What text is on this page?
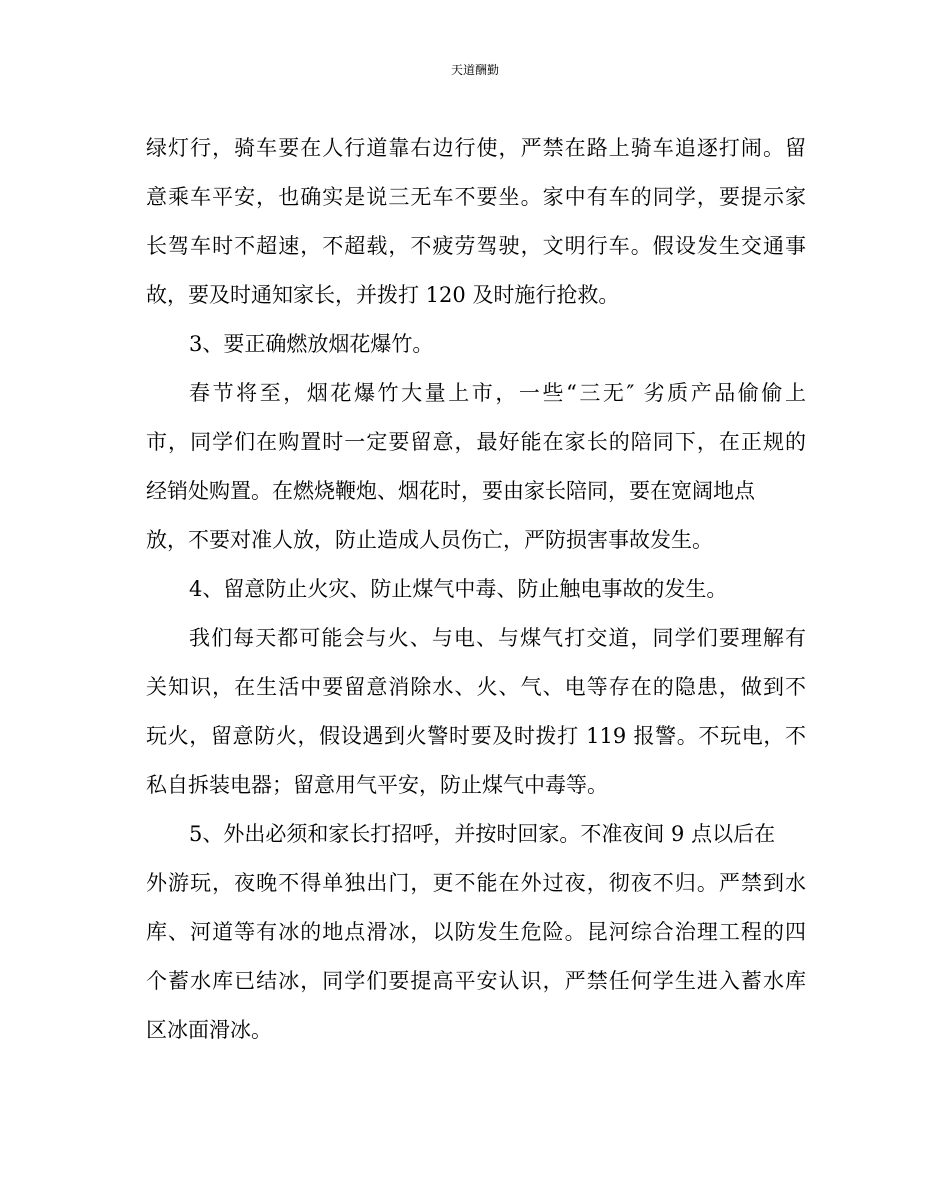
天道酬勤
绿灯行，骑车要在人行道靠右边行使，严禁在路上骑车追逐打闹。留
意乘车平安，也确实是说三无车不要坐。家中有车的同学，要提示家
长驾车时不超速，不超载，不疲劳驾驶，文明行车。假设发生交通事
故，要及时通知家长，并拨打 120 及时施行抢救。
3、要正确燃放烟花爆竹。
春节将至，烟花爆竹大量上市，一些“三无″ 劣质产品偷偷上
市，同学们在购置时一定要留意，最好能在家长的陪同下，在正规的
经销处购置。在燃烧鞭炮、烟花时，要由家长陪同，要在宽阔地点
放，不要对准人放，防止造成人员伤亡，严防损害事故发生。
4、留意防止火灾、防止煤气中毒、防止触电事故的发生。
我们每天都可能会与火、与电、与煤气打交道，同学们要理解有
关知识，在生活中要留意消除水、火、气、电等存在的隐患，做到不
玩火，留意防火，假设遇到火警时要及时拨打 119 报警。不玩电，不
私自拆装电器；留意用气平安，防止煤气中毒等。
5、外出必须和家长打招呼，并按时回家。不准夜间 9 点以后在
外游玩，夜晚不得单独出门，更不能在外过夜，彻夜不归。严禁到水
库、河道等有冰的地点滑冰，以防发生危险。昆河综合治理工程的四
个蓄水库已结冰，同学们要提高平安认识，严禁任何学生进入蓄水库
区冰面滑冰。
